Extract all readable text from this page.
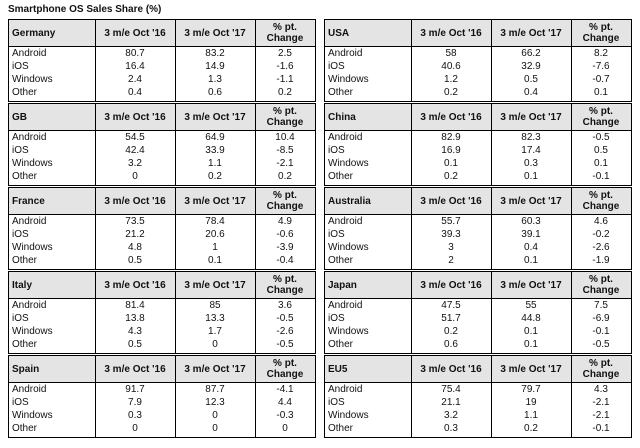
Smartphone OS Sales Share (%)
Germany	3 m/e Oct '16	3 m/e Oct '17	% pt. Change
Android	80.7	83.2	2.5
iOS	16.4	14.9	-1.6
Windows	2.4	1.3	-1.1
Other	0.4	0.6	0.2
GB	3 m/e Oct '16	3 m/e Oct '17	% pt. Change
Android	54.5	64.9	10.4
iOS	42.4	33.9	-8.5
Windows	3.2	1.1	-2.1
Other	0	0.2	0.2
France	3 m/e Oct '16	3 m/e Oct '17	% pt. Change
Android	73.5	78.4	4.9
iOS	21.2	20.6	-0.6
Windows	4.8	1	-3.9
Other	0.5	0.1	-0.4
Italy	3 m/e Oct '16	3 m/e Oct '17	% pt. Change
Android	81.4	85	3.6
iOS	13.8	13.3	-0.5
Windows	4.3	1.7	-2.6
Other	0.5	0	-0.5
Spain	3 m/e Oct '16	3 m/e Oct '17	% pt. Change
Android	91.7	87.7	-4.1
iOS	7.9	12.3	4.4
Windows	0.3	0	-0.3
Other	0	0	0
USA	3 m/e Oct '16	3 m/e Oct '17	% pt. Change
Android	58	66.2	8.2
iOS	40.6	32.9	-7.6
Windows	1.2	0.5	-0.7
Other	0.2	0.4	0.1
China	3 m/e Oct '16	3 m/e Oct '17	% pt. Change
Android	82.9	82.3	-0.5
iOS	16.9	17.4	0.5
Windows	0.1	0.3	0.1
Other	0.2	0.1	-0.1
Australia	3 m/e Oct '16	3 m/e Oct '17	% pt. Change
Android	55.7	60.3	4.6
iOS	39.3	39.1	-0.2
Windows	3	0.4	-2.6
Other	2	0.1	-1.9
Japan	3 m/e Oct '16	3 m/e Oct '17	% pt. Change
Android	47.5	55	7.5
iOS	51.7	44.8	-6.9
Windows	0.2	0.1	-0.1
Other	0.6	0.1	-0.5
EU5	3 m/e Oct '16	3 m/e Oct '17	% pt. Change
Android	75.4	79.7	4.3
iOS	21.1	19	-2.1
Windows	3.2	1.1	-2.1
Other	0.3	0.2	-0.1
